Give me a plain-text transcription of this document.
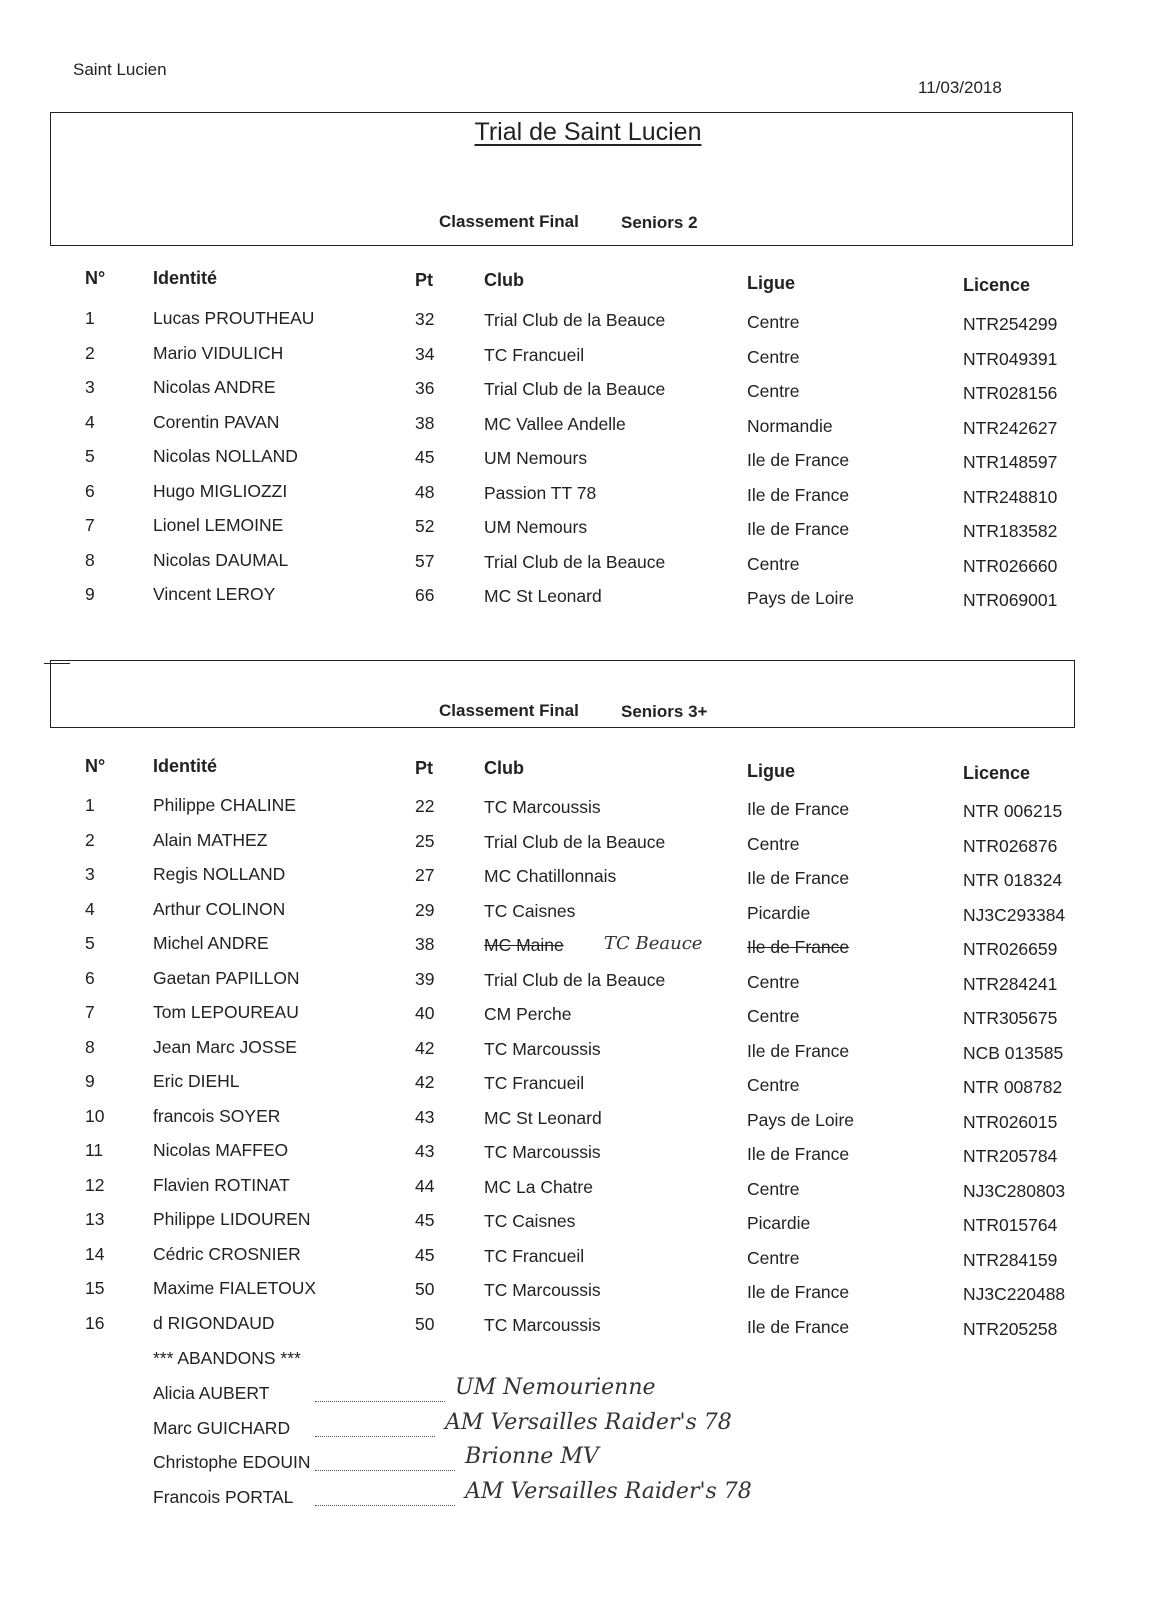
Saint Lucien
11/03/2018
Trial de Saint Lucien
Classement Final Seniors 2
N°	Identité	Pt	Club	Ligue	Licence
1	Lucas PROUTHEAU	32	Trial Club de la Beauce	Centre	NTR254299
2	Mario VIDULICH	34	TC Francueil	Centre	NTR049391
3	Nicolas ANDRE	36	Trial Club de la Beauce	Centre	NTR028156
4	Corentin PAVAN	38	MC Vallee Andelle	Normandie	NTR242627
5	Nicolas NOLLAND	45	UM Nemours	Ile de France	NTR148597
6	Hugo MIGLIOZZI	48	Passion TT 78	Ile de France	NTR248810
7	Lionel LEMOINE	52	UM Nemours	Ile de France	NTR183582
8	Nicolas DAUMAL	57	Trial Club de la Beauce	Centre	NTR026660
9	Vincent LEROY	66	MC St Leonard	Pays de Loire	NTR069001
Classement Final Seniors 3+
N°	Identité	Pt	Club	Ligue	Licence
1	Philippe CHALINE	22	TC Marcoussis	Ile de France	NTR 006215
2	Alain MATHEZ	25	Trial Club de la Beauce	Centre	NTR026876
3	Regis NOLLAND	27	MC Chatillonnais	Ile de France	NTR 018324
4	Arthur COLINON	29	TC Caisnes	Picardie	NJ3C293384
5	Michel ANDRE	38	MC Maine	Ile de France	NTR026659
TC Beauce
6	Gaetan PAPILLON	39	Trial Club de la Beauce	Centre	NTR284241
7	Tom LEPOUREAU	40	CM Perche	Centre	NTR305675
8	Jean Marc JOSSE	42	TC Marcoussis	Ile de France	NCB 013585
9	Eric DIEHL	42	TC Francueil	Centre	NTR 008782
10	francois SOYER	43	MC St Leonard	Pays de Loire	NTR026015
11	Nicolas MAFFEO	43	TC Marcoussis	Ile de France	NTR205784
12	Flavien ROTINAT	44	MC La Chatre	Centre	NJ3C280803
13	Philippe LIDOUREN	45	TC Caisnes	Picardie	NTR015764
14	Cédric CROSNIER	45	TC Francueil	Centre	NTR284159
15	Maxime FIALETOUX	50	TC Marcoussis	Ile de France	NJ3C220488
16	d RIGONDAUD	50	TC Marcoussis	Ile de France	NTR205258
*** ABANDONS ***
Alicia AUBERT	UM Nemourienne
Marc GUICHARD	AM Versailles Raider's 78
Christophe EDOUIN	Brionne MV
Francois PORTAL	AM Versailles Raider's 78
